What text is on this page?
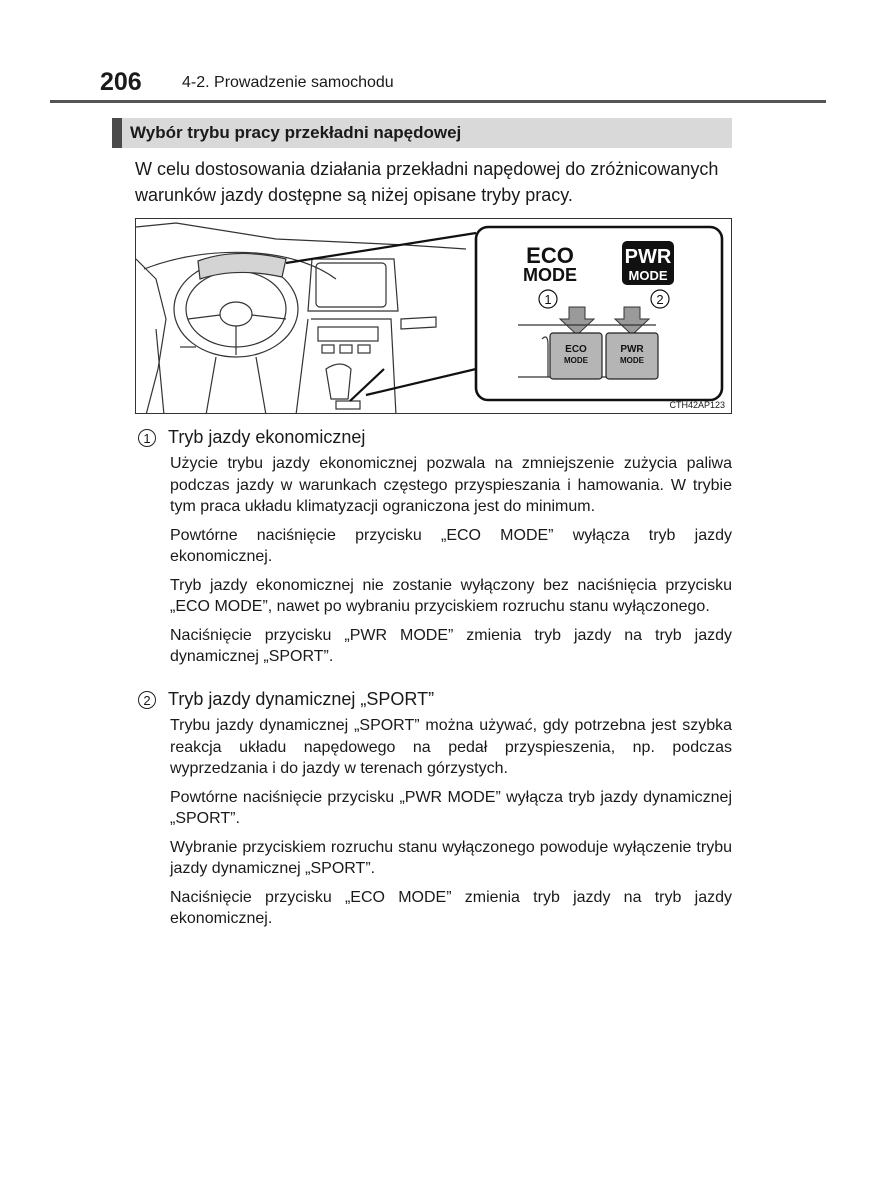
206	4-2. Prowadzenie samochodu
Wybór trybu pracy przekładni napędowej
W celu dostosowania działania przekładni napędowej do zróżnicowanych warunków jazdy dostępne są niżej opisane tryby pracy.
ECO
MODE
PWR
MODE
1	2
ECO
MODE
PWR
MODE
CTH42AP123
1 Tryb jazdy ekonomicznej

Użycie trybu jazdy ekonomicznej pozwala na zmniejszenie zużycia paliwa podczas jazdy w warunkach częstego przyspieszania i hamowania. W trybie tym praca układu klimatyzacji ograniczona jest do minimum.

Powtórne naciśnięcie przycisku „ECO MODE” wyłącza tryb jazdy ekonomicznej.

Tryb jazdy ekonomicznej nie zostanie wyłączony bez naciśnięcia przycisku „ECO MODE”, nawet po wybraniu przyciskiem rozruchu stanu wyłączonego.

Naciśnięcie przycisku „PWR MODE” zmienia tryb jazdy na tryb jazdy dynamicznej „SPORT”.

2 Tryb jazdy dynamicznej „SPORT”

Trybu jazdy dynamicznej „SPORT” można używać, gdy potrzebna jest szybka reakcja układu napędowego na pedał przyspieszenia, np. podczas wyprzedzania i do jazdy w terenach górzystych.

Powtórne naciśnięcie przycisku „PWR MODE” wyłącza tryb jazdy dynamicznej „SPORT”.

Wybranie przyciskiem rozruchu stanu wyłączonego powoduje wyłączenie trybu jazdy dynamicznej „SPORT”.

Naciśnięcie przycisku „ECO MODE” zmienia tryb jazdy na tryb jazdy ekonomicznej.
